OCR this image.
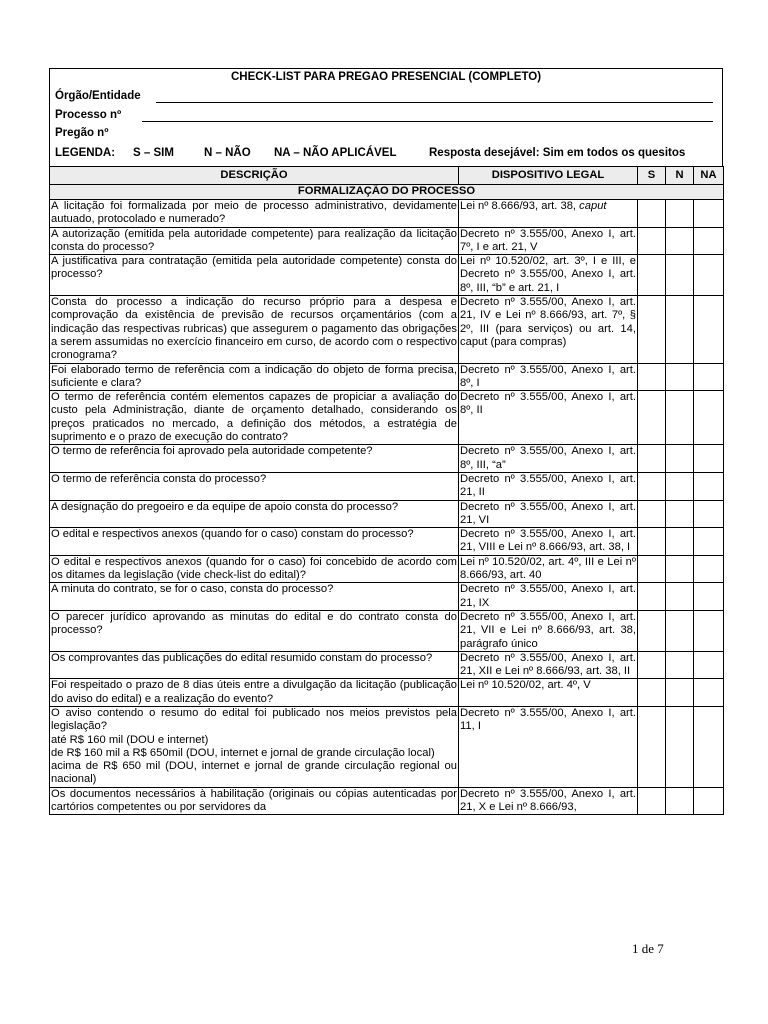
CHECK-LIST PARA PREGAO PRESENCIAL (COMPLETO)
Órgão/Entidade
Processo nº
Pregão nº
LEGENDA:	S – SIM	N – NÃO	NA – NÃO APLICÁVEL	Resposta desejável: Sim em todos os quesitos
DESCRIÇÃO	DISPOSITIVO LEGAL	S	N	NA
FORMALIZAÇÃO DO PROCESSO				
A licitação foi formalizada por meio de processo administrativo, devidamente autuado, protocolado e numerado?	Lei nº 8.666/93, art. 38, caput			
A autorização (emitida pela autoridade competente) para realização da licitação consta do processo?	Decreto nº 3.555/00, Anexo I, art. 7º, I e art. 21, V			
A justificativa para contratação (emitida pela autoridade competente) consta do processo?	Lei nº 10.520/02, art. 3º, I e III, e Decreto nº 3.555/00, Anexo I, art. 8º, III, “b” e art. 21, I			
Consta do processo a indicação do recurso próprio para a despesa e comprovação da existência de previsão de recursos orçamentários (com a indicação das respectivas rubricas) que assegurem o pagamento das obrigações a serem assumidas no exercício financeiro em curso, de acordo com o respectivo cronograma?	Decreto nº 3.555/00, Anexo I, art. 21, IV e Lei nº 8.666/93, art. 7º, § 2º, III (para serviços) ou art. 14, caput (para compras)			
Foi elaborado termo de referência com a indicação do objeto de forma precisa, suficiente e clara?	Decreto nº 3.555/00, Anexo I, art. 8º, I			
O termo de referência contém elementos capazes de propiciar a avaliação do custo pela Administração, diante de orçamento detalhado, considerando os preços praticados no mercado, a definição dos métodos, a estratégia de suprimento e o prazo de execução do contrato?	Decreto nº 3.555/00, Anexo I, art. 8º, II			
O termo de referência foi aprovado pela autoridade competente?	Decreto nº 3.555/00, Anexo I, art. 8º, III, “a”			
O termo de referência consta do processo?	Decreto nº 3.555/00, Anexo I, art. 21, II			
A designação do pregoeiro e da equipe de apoio consta do processo?	Decreto nº 3.555/00, Anexo I, art. 21, VI			
O edital e respectivos anexos (quando for o caso) constam do processo?	Decreto nº 3.555/00, Anexo I, art. 21, VIII e Lei nº 8.666/93, art. 38, I			
O edital e respectivos anexos (quando for o caso) foi concebido de acordo com os ditames da legislação (vide check-list do edital)?	Lei nº 10.520/02, art. 4º, III e Lei nº 8.666/93, art. 40			
A minuta do contrato, se for o caso, consta do processo?	Decreto nº 3.555/00, Anexo I, art. 21, IX			
O parecer jurídico aprovando as minutas do edital e do contrato consta do processo?	Decreto nº 3.555/00, Anexo I, art. 21, VII e Lei nº 8.666/93, art. 38, parágrafo único			
Os comprovantes das publicações do edital resumido constam do processo?	Decreto nº 3.555/00, Anexo I, art. 21, XII e Lei nº 8.666/93, art. 38, II			
Foi respeitado o prazo de 8 dias úteis entre a divulgação da licitação (publicação do aviso do edital) e a realização do evento?	Lei nº 10.520/02, art. 4º, V			
O aviso contendo o resumo do edital foi publicado nos meios previstos pela legislação?
até R$ 160 mil (DOU e internet)
de R$ 160 mil a R$ 650mil (DOU, internet e jornal de grande circulação local)
acima de R$ 650 mil (DOU, internet e jornal de grande circulação regional ou nacional)	Decreto nº 3.555/00, Anexo I, art. 11, I			
Os documentos necessários à habilitação (originais ou cópias autenticadas por cartórios competentes ou por servidores da	Decreto nº 3.555/00, Anexo I, art. 21, X e Lei nº 8.666/93,			
1 de 7
